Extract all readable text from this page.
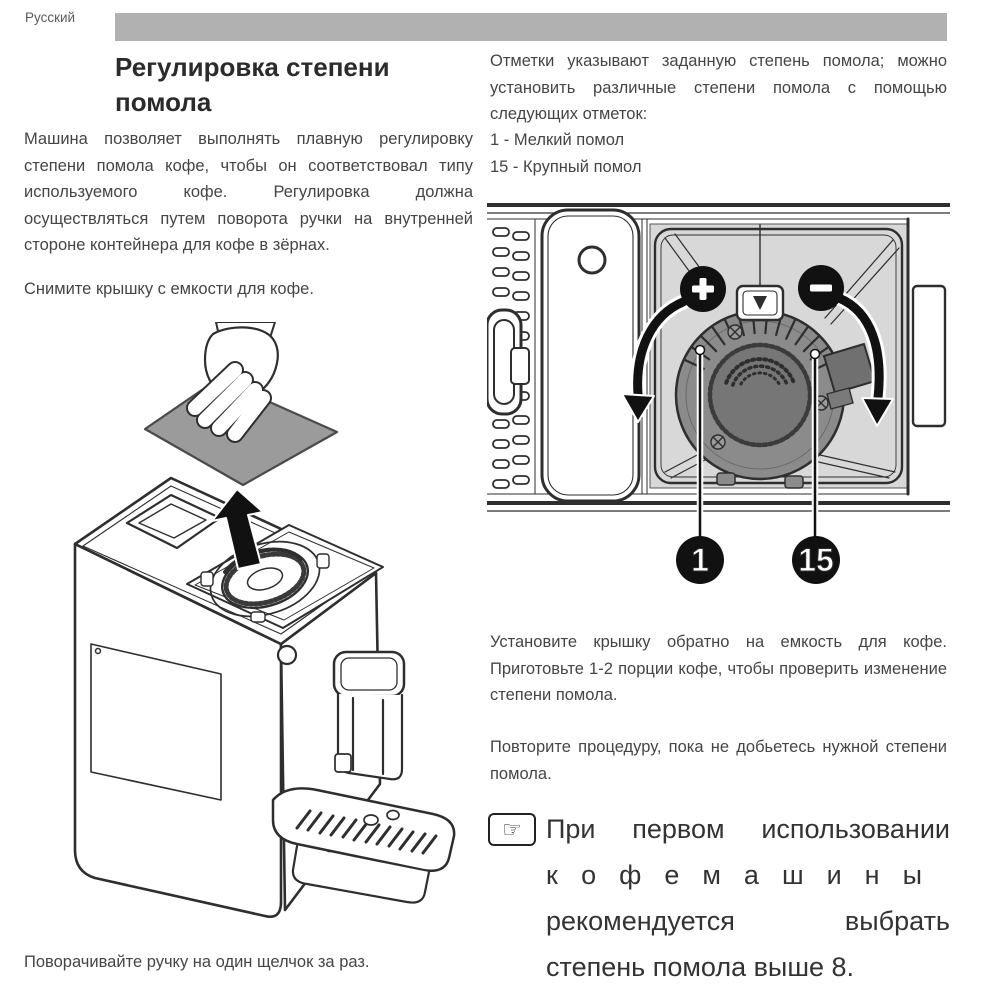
Русский
Регулировка степени помола
Машина позволяет выполнять плавную регулировку степени помола кофе, чтобы он соответствовал типу используемого кофе. Регулировка должна осуществляться путем поворота ручки на внутренней стороне контейнера для кофе в зёрнах.
Снимите крышку с емкости для кофе.
Поворачивайте ручку на один щелчок за раз.
Отметки указывают заданную степень помола; можно установить различные степени помола с помощью следующих отметок:
1 - Мелкий помол
15 - Крупный помол
1	15
Установите крышку обратно на емкость для кофе. Приготовьте 1-2 порции кофе, чтобы проверить изменение степени помола.
Повторите процедуру, пока не добьетесь нужной степени помола.
☞ При первом использовании
кофемашины
рекомендуется выбрать
степень помола выше 8.
